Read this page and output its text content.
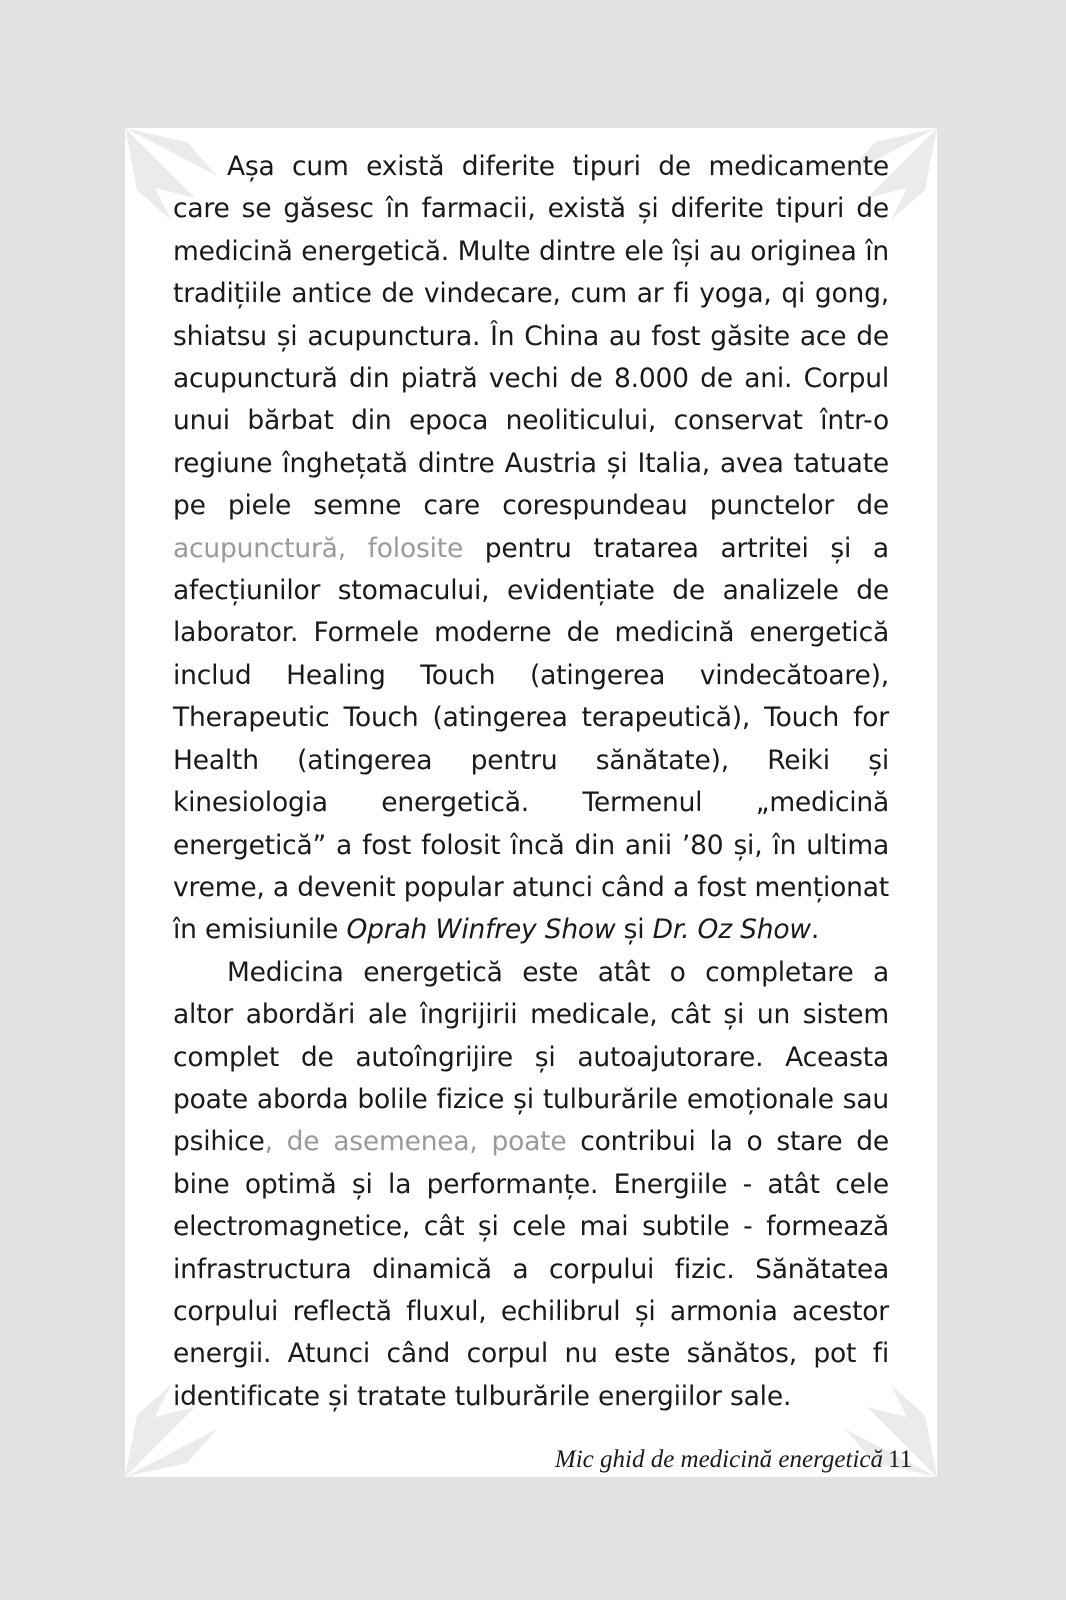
Așa cum există diferite tipuri de medicamente care se găsesc în farmacii, există și diferite tipuri de medicină energetică. Multe dintre ele își au originea în tradițiile antice de vindecare, cum ar fi yoga, qi gong, shiatsu și acupunctura. În China au fost găsite ace de acupunctură din piatră vechi de 8.000 de ani. Corpul unui bărbat din epoca neoliticului, conservat într-o regiune înghețată dintre Austria și Italia, avea tatuate pe piele semne care corespundeau punctelor de acupunctură, folosite pentru tratarea artritei și a afecțiunilor stomacului, evidențiate de analizele de laborator. Formele moderne de medicină energetică includ Healing Touch (atingerea vindecătoare), Therapeutic Touch (atingerea terapeutică), Touch for Health (atingerea pentru sănătate), Reiki și kinesiologia energetică. Termenul „medicină energetică” a fost folosit încă din anii ’80 și, în ultima vreme, a devenit popular atunci când a fost menționat în emisiunile Oprah Winfrey Show și Dr. Oz Show.

Medicina energetică este atât o completare a altor abordări ale îngrijirii medicale, cât și un sistem complet de autoîngrijire și autoajutorare. Aceasta poate aborda bolile fizice și tulburările emoționale sau psihice, de asemenea, poate contribui la o stare de bine optimă și la performanțe. Energiile - atât cele electromagnetice, cât și cele mai subtile - formează infrastructura dinamică a corpului fizic. Sănătatea corpului reflectă fluxul, echilibrul și armonia acestor energii. Atunci când corpul nu este sănătos, pot fi identificate și tratate tulburările energiilor sale.

Mic ghid de medicină energetică 11
